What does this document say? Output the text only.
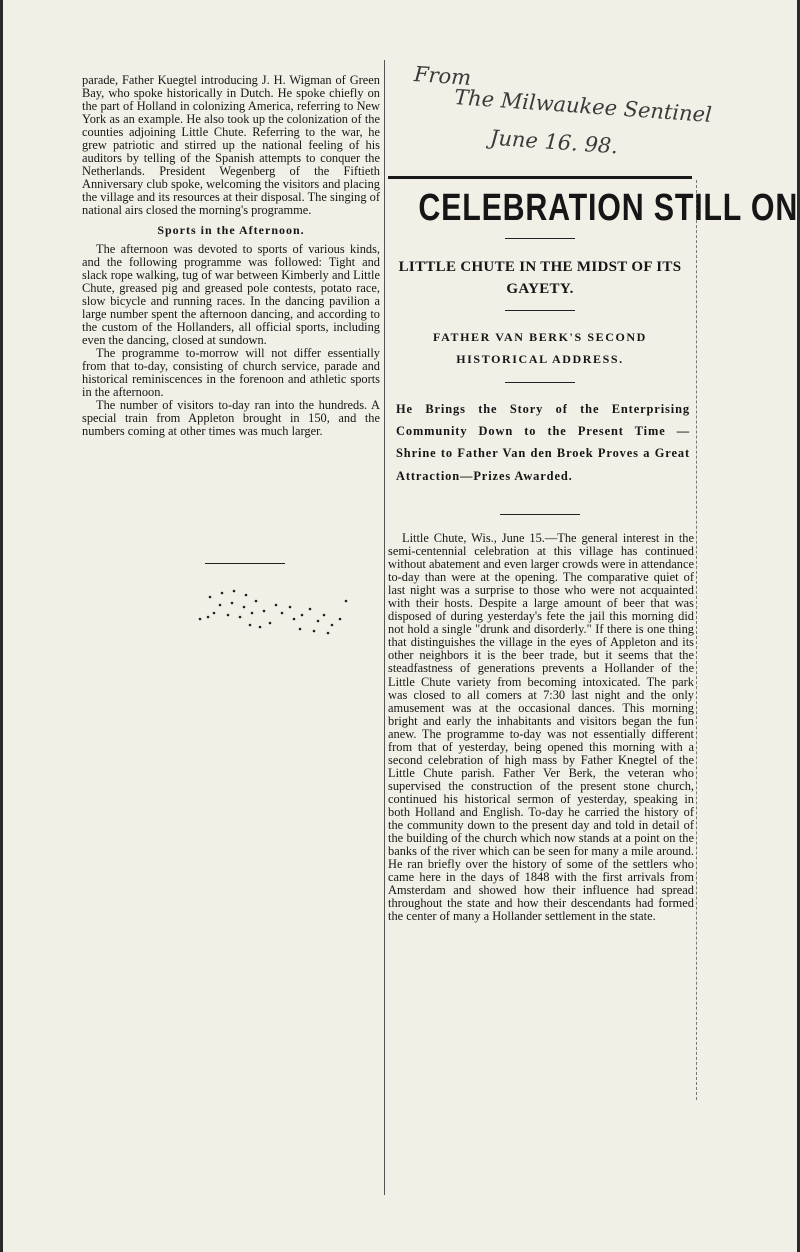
parade, Father Kuegtel introducing J. H. Wigman of Green Bay, who spoke historically in Dutch. He spoke chiefly on the part of Holland in colonizing America, referring to New York as an example. He also took up the colonization of the counties adjoining Little Chute. Referring to the war, he grew patriotic and stirred up the national feeling of his auditors by telling of the Spanish attempts to conquer the Netherlands. President Wegenberg of the Fiftieth Anniversary club spoke, welcoming the visitors and placing the village and its resources at their disposal. The singing of national airs closed the morning's programme.

Sports in the Afternoon.

The afternoon was devoted to sports of various kinds, and the following programme was followed: Tight and slack rope walking, tug of war between Kimberly and Little Chute, greased pig and greased pole contests, potato race, slow bicycle and running races. In the dancing pavilion a large number spent the afternoon dancing, and according to the custom of the Hollanders, all official sports, including even the dancing, closed at sundown.

The programme to-morrow will not differ essentially from that to-day, consisting of church service, parade and historical reminiscences in the forenoon and athletic sports in the afternoon.

The number of visitors to-day ran into the hundreds. A special train from Appleton brought in 150, and the numbers coming at other times was much larger.

From
The Milwaukee Sentinel
June 16. 98.
CELEBRATION STILL ON
LITTLE CHUTE IN THE MIDST OF ITS GAYETY.
FATHER VAN BERK'S SECOND HISTORICAL ADDRESS.
He Brings the Story of the Enterprising Community Down to the Present Time — Shrine to Father Van den Broek Proves a Great Attraction—Prizes Awarded.

Little Chute, Wis., June 15.—The general interest in the semi-centennial celebration at this village has continued without abatement and even larger crowds were in attendance to-day than were at the opening. The comparative quiet of last night was a surprise to those who were not acquainted with their hosts. Despite a large amount of beer that was disposed of during yesterday's fete the jail this morning did not hold a single "drunk and disorderly." If there is one thing that distinguishes the village in the eyes of Appleton and its other neighbors it is the beer trade, but it seems that the steadfastness of generations prevents a Hollander of the Little Chute variety from becoming intoxicated. The park was closed to all comers at 7:30 last night and the only amusement was at the occasional dances. This morning bright and early the inhabitants and visitors began the fun anew. The programme to-day was not essentially different from that of yesterday, being opened this morning with a second celebration of high mass by Father Knegtel of the Little Chute parish. Father Ver Berk, the veteran who supervised the construction of the present stone church, continued his historical sermon of yesterday, speaking in both Holland and English. To-day he carried the history of the community down to the present day and told in detail of the building of the church which now stands at a point on the banks of the river which can be seen for many a mile around. He ran briefly over the history of some of the settlers who came here in the days of 1848 with the first arrivals from Amsterdam and showed how their influence had spread throughout the state and how their descendants had formed the center of many a Hollander settlement in the state.
